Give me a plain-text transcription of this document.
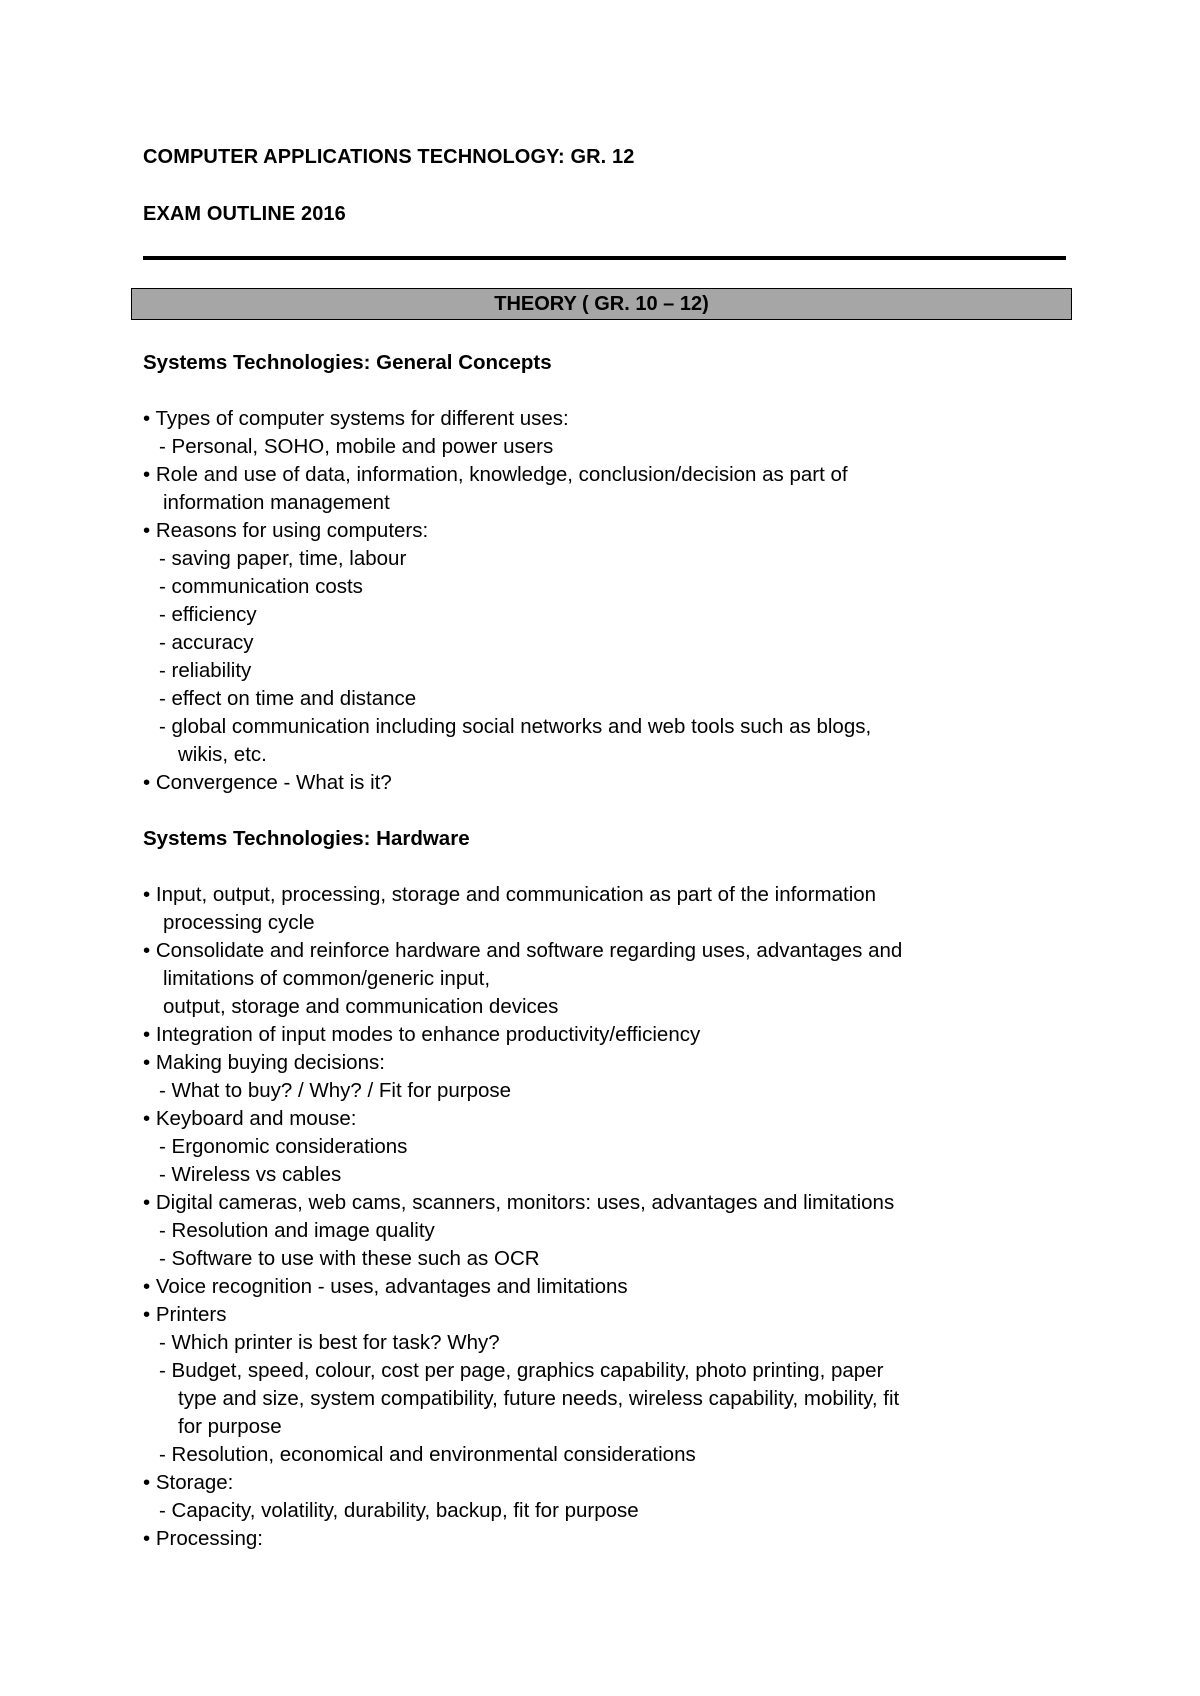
COMPUTER APPLICATIONS TECHNOLOGY: GR. 12
EXAM OUTLINE 2016
THEORY ( GR. 10 – 12)
Systems Technologies: General Concepts
• Types of computer systems for different uses:
- Personal, SOHO, mobile and power users
• Role and use of data, information, knowledge, conclusion/decision as part of
information management
• Reasons for using computers:
- saving paper, time, labour
- communication costs
- efficiency
- accuracy
- reliability
- effect on time and distance
- global communication including social networks and web tools such as blogs,
wikis, etc.
• Convergence - What is it?
Systems Technologies: Hardware
• Input, output, processing, storage and communication as part of the information
processing cycle
• Consolidate and reinforce hardware and software regarding uses, advantages and
limitations of common/generic input,
output, storage and communication devices
• Integration of input modes to enhance productivity/efficiency
• Making buying decisions:
- What to buy? / Why? / Fit for purpose
• Keyboard and mouse:
- Ergonomic considerations
- Wireless vs cables
• Digital cameras, web cams, scanners, monitors: uses, advantages and limitations
- Resolution and image quality
- Software to use with these such as OCR
• Voice recognition - uses, advantages and limitations
• Printers
- Which printer is best for task? Why?
- Budget, speed, colour, cost per page, graphics capability, photo printing, paper
type and size, system compatibility, future needs, wireless capability, mobility, fit
for purpose
- Resolution, economical and environmental considerations
• Storage:
- Capacity, volatility, durability, backup, fit for purpose
• Processing:
